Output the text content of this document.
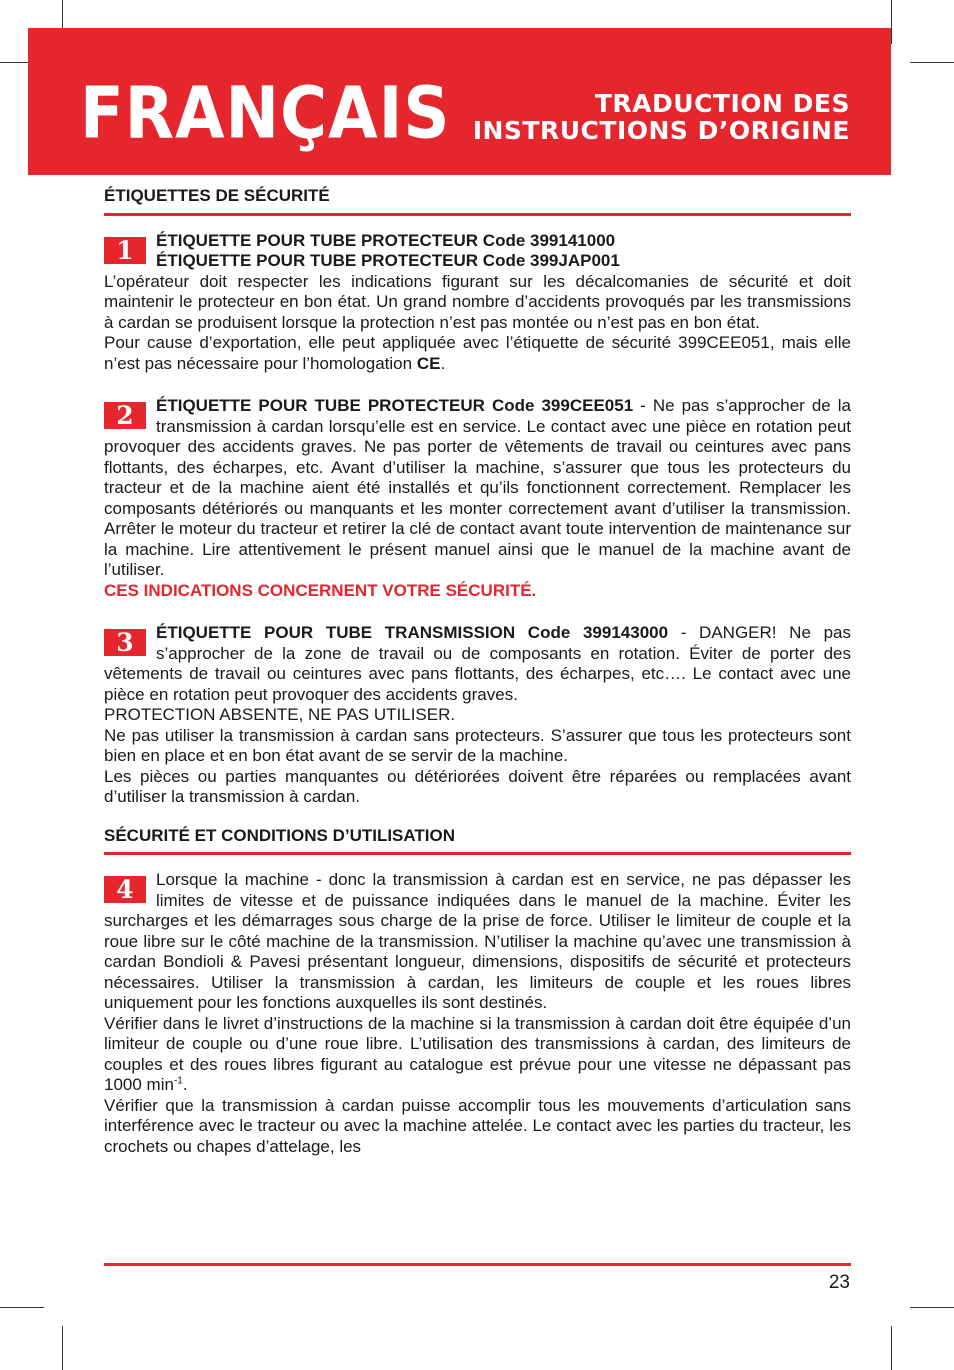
FRANÇAIS	TRADUCTION DES
INSTRUCTIONS D’ORIGINE
ÉTIQUETTES DE SÉCURITÉ
1	ÉTIQUETTE POUR TUBE PROTECTEUR Code 399141000

ÉTIQUETTE POUR TUBE PROTECTEUR Code 399JAP001

L’opérateur doit respecter les indications figurant sur les décalcomanies de sécurité et doit maintenir le protecteur en bon état. Un grand nombre d’accidents provoqués par les transmissions à cardan se produisent lorsque la protection n’est pas montée ou n’est pas en bon état.

Pour cause d’exportation, elle peut appliquée avec l’étiquette de sécurité 399CEE051, mais elle n’est pas nécessaire pour l’homologation CE.

2	ÉTIQUETTE POUR TUBE PROTECTEUR Code 399CEE051 - Ne pas s’approcher de la transmission à cardan lorsqu’elle est en service. Le contact avec une pièce en rotation peut provoquer des accidents graves. Ne pas porter de vêtements de travail ou ceintures avec pans flottants, des écharpes, etc. Avant d’utiliser la machine, s’assurer que tous les protecteurs du tracteur et de la machine aient été installés et qu’ils fonctionnent correctement. Remplacer les composants détériorés ou manquants et les monter correctement avant d’utiliser la transmission. Arrêter le moteur du tracteur et retirer la clé de contact avant toute intervention de maintenance sur la machine. Lire attentivement le présent manuel ainsi que le manuel de la machine avant de l’utiliser.

CES INDICATIONS CONCERNENT VOTRE SÉCURITÉ.

3	ÉTIQUETTE POUR TUBE TRANSMISSION Code 399143000 - DANGER! Ne pas s’approcher de la zone de travail ou de composants en rotation. Éviter de porter des vêtements de travail ou ceintures avec pans flottants, des écharpes, etc…. Le contact avec une pièce en rotation peut provoquer des accidents graves.

PROTECTION ABSENTE, NE PAS UTILISER.

Ne pas utiliser la transmission à cardan sans protecteurs. S’assurer que tous les protecteurs sont bien en place et en bon état avant de se servir de la machine.

Les pièces ou parties manquantes ou détériorées doivent être réparées ou remplacées avant d’utiliser la transmission à cardan.

SÉCURITÉ ET CONDITIONS D’UTILISATION
4	Lorsque la machine - donc la transmission à cardan est en service, ne pas dépasser les limites de vitesse et de puissance indiquées dans le manuel de la machine. Éviter les surcharges et les démarrages sous charge de la prise de force. Utiliser le limiteur de couple et la roue libre sur le côté machine de la transmission. N’utiliser la machine qu’avec une transmission à cardan Bondioli & Pavesi présentant longueur, dimensions, dispositifs de sécurité et protecteurs nécessaires. Utiliser la transmission à cardan, les limiteurs de couple et les roues libres uniquement pour les fonctions auxquelles ils sont destinés.

Vérifier dans le livret d’instructions de la machine si la transmission à cardan doit être équipée d’un limiteur de couple ou d’une roue libre. L’utilisation des transmissions à cardan, des limiteurs de couples et des roues libres figurant au catalogue est prévue pour une vitesse ne dépassant pas 1000 $\min^{-1}$.

Vérifier que la transmission à cardan puisse accomplir tous les mouvements d’articulation sans interférence avec le tracteur ou avec la machine attelée. Le contact avec les parties du tracteur, les crochets ou chapes d’attelage, les

23
